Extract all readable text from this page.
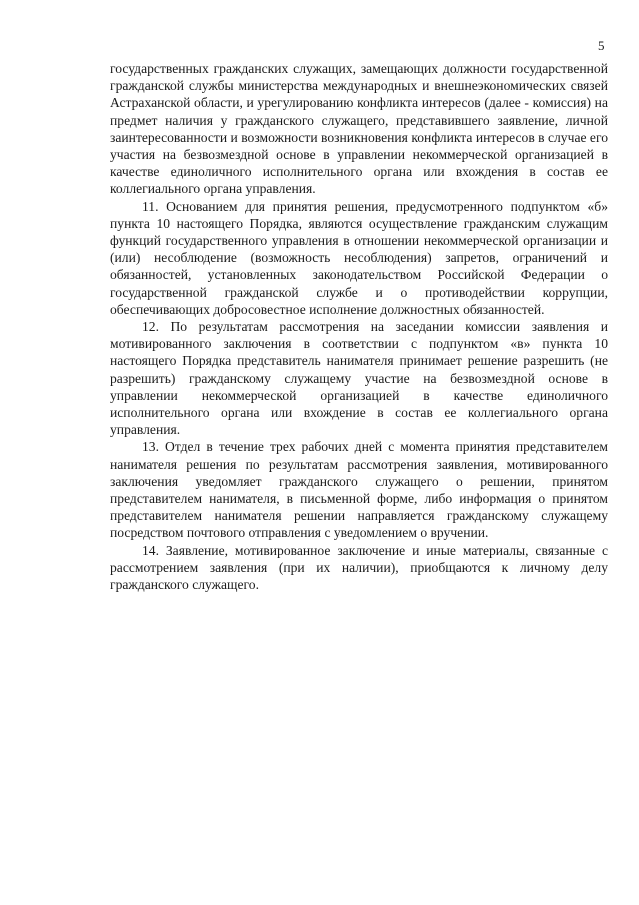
5

государственных гражданских служащих, замещающих должности государственной гражданской службы министерства международных и внешнеэкономических связей Астраханской области, и урегулированию конфликта интересов (далее - комиссия) на предмет наличия у гражданского служащего, представившего заявление, личной заинтересованности и возможности возникновения конфликта интересов в случае его участия на безвозмездной основе в управлении некоммерческой организацией в качестве единоличного исполнительного органа или вхождения в состав ее коллегиального органа управления.

11. Основанием для принятия решения, предусмотренного подпунктом «б» пункта 10 настоящего Порядка, являются осуществление гражданским служащим функций государственного управления в отношении некоммерческой организации и (или) несоблюдение (возможность несоблюдения) запретов, ограничений и обязанностей, установленных законодательством Российской Федерации о государственной гражданской службе и о противодействии коррупции, обеспечивающих добросовестное исполнение должностных обязанностей.

12. По результатам рассмотрения на заседании комиссии заявления и мотивированного заключения в соответствии с подпунктом «в» пункта 10 настоящего Порядка представитель нанимателя принимает решение разрешить (не разрешить) гражданскому служащему участие на безвозмездной основе в управлении некоммерческой организацией в качестве единоличного исполнительного органа или вхождение в состав ее коллегиального органа управления.

13. Отдел в течение трех рабочих дней с момента принятия представителем нанимателя решения по результатам рассмотрения заявления, мотивированного заключения уведомляет гражданского служащего о решении, принятом представителем нанимателя, в письменной форме, либо информация о принятом представителем нанимателя решении направляется гражданскому служащему посредством почтового отправления с уведомлением о вручении.

14. Заявление, мотивированное заключение и иные материалы, связанные с рассмотрением заявления (при их наличии), приобщаются к личному делу гражданского служащего.
